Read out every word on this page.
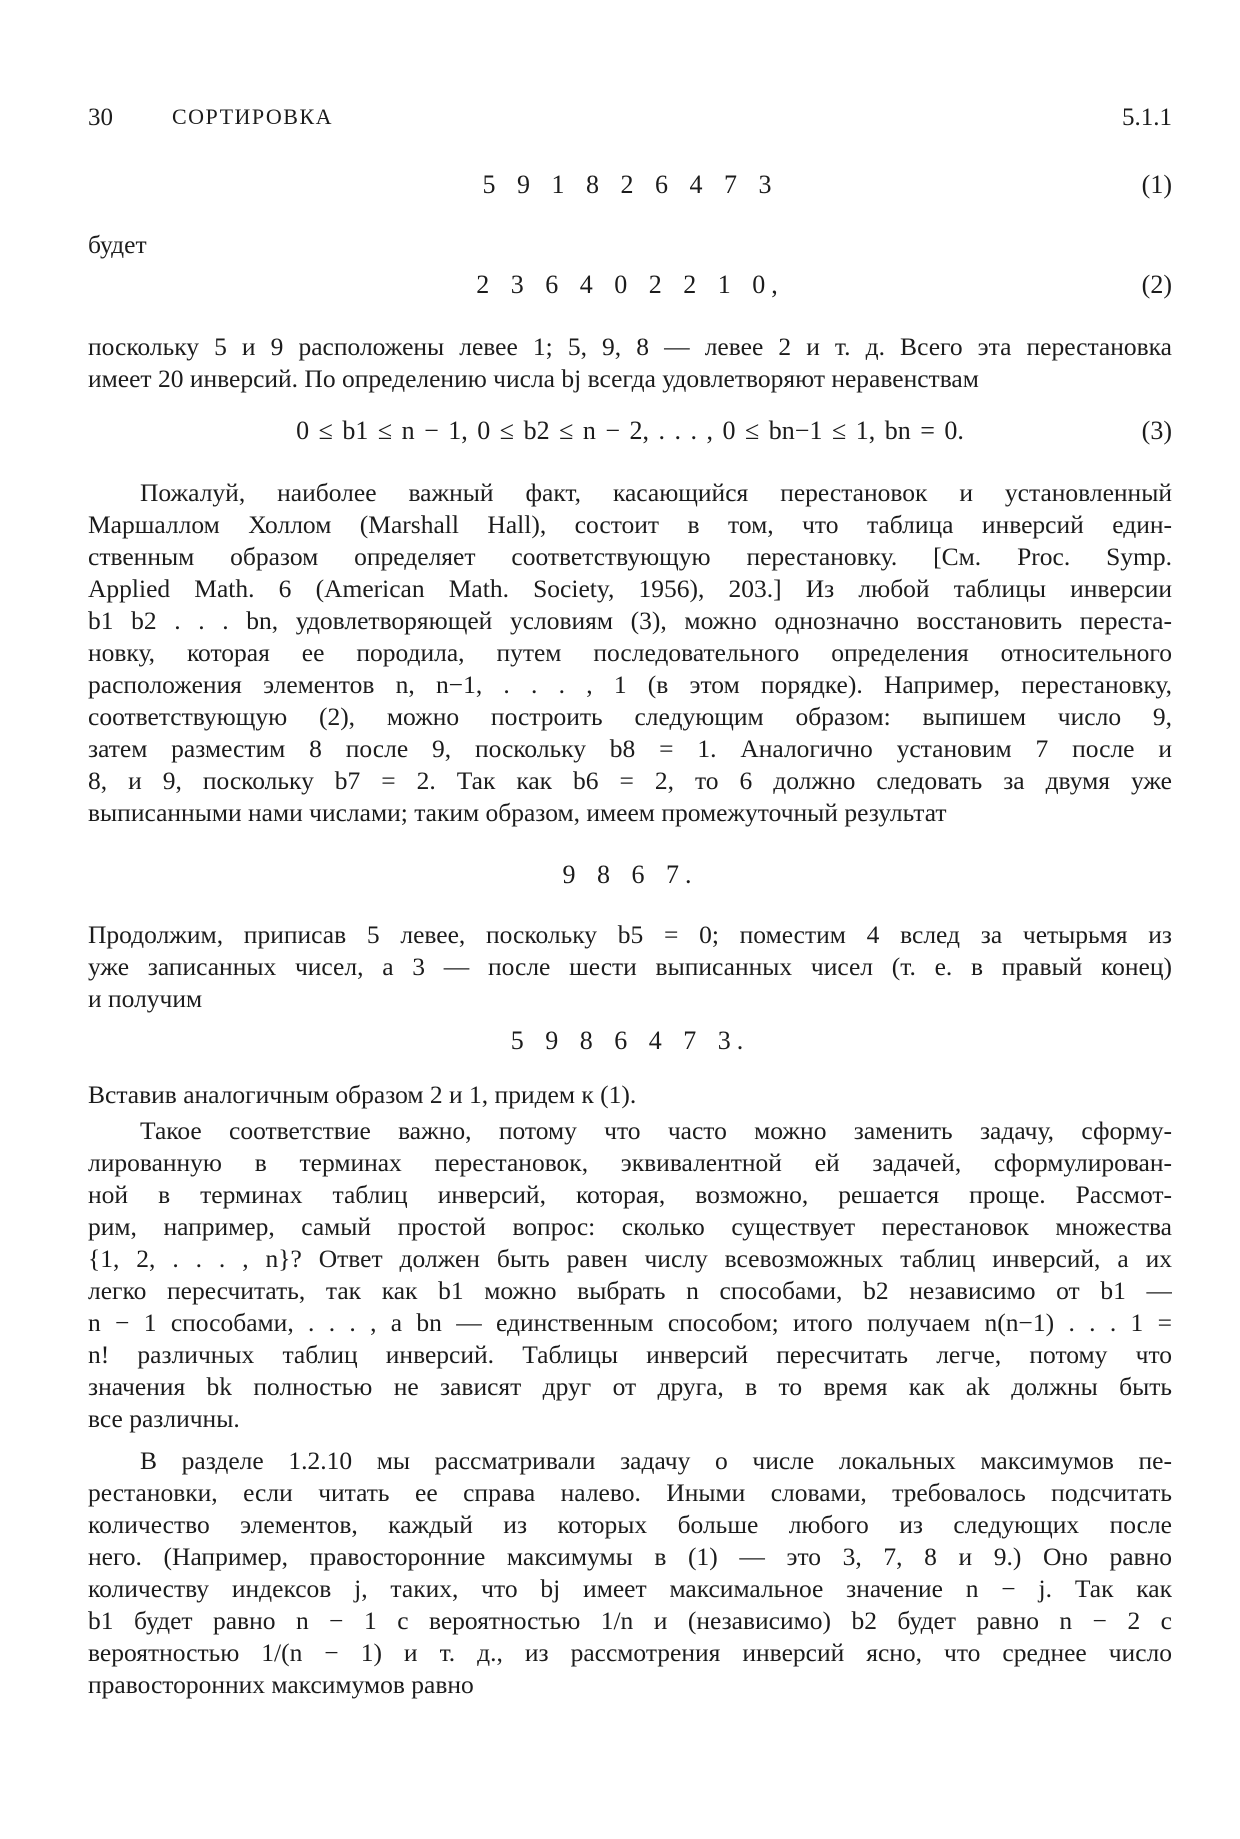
30	СОРТИРОВКА	5.1.1
5 9 1 8 2 6 4 7 3	(1)
будет
2 3 6 4 0 2 2 1 0,	(2)
поскольку 5 и 9 расположены левее 1; 5, 9, 8 — левее 2 и т. д. Всего эта перестановка
имеет 20 инверсий. По определению числа bj всегда удовлетворяют неравенствам
0 ≤ b1 ≤ n − 1, 0 ≤ b2 ≤ n − 2, . . . , 0 ≤ bn−1 ≤ 1, bn = 0.	(3)
Пожалуй, наиболее важный факт, касающийся перестановок и установленный
Маршаллом Холлом (Marshall Hall), состоит в том, что таблица инверсий един-
ственным образом определяет соответствующую перестановку. [См. Proc. Symp.
Applied Math. 6 (American Math. Society, 1956), 203.] Из любой таблицы инверсии
b1 b2 . . . bn, удовлетворяющей условиям (3), можно однозначно восстановить переста-
новку, которая ее породила, путем последовательного определения относительного
расположения элементов n, n−1, . . . , 1 (в этом порядке). Например, перестановку,
соответствующую (2), можно построить следующим образом: выпишем число 9,
затем разместим 8 после 9, поскольку b8 = 1. Аналогично установим 7 после и
8, и 9, поскольку b7 = 2. Так как b6 = 2, то 6 должно следовать за двумя уже
выписанными нами числами; таким образом, имеем промежуточный результат
9 8 6 7.
Продолжим, приписав 5 левее, поскольку b5 = 0; поместим 4 вслед за четырьмя из
уже записанных чисел, а 3 — после шести выписанных чисел (т. е. в правый конец)
и получим
5 9 8 6 4 7 3.
Вставив аналогичным образом 2 и 1, придем к (1).
Такое соответствие важно, потому что часто можно заменить задачу, сформу-
лированную в терминах перестановок, эквивалентной ей задачей, сформулирован-
ной в терминах таблиц инверсий, которая, возможно, решается проще. Рассмот-
рим, например, самый простой вопрос: сколько существует перестановок множества
{1, 2, . . . , n}? Ответ должен быть равен числу всевозможных таблиц инверсий, а их
легко пересчитать, так как b1 можно выбрать n способами, b2 независимо от b1 —
n − 1 способами, . . . , а bn — единственным способом; итого получаем n(n−1) . . . 1 =
n! различных таблиц инверсий. Таблицы инверсий пересчитать легче, потому что
значения bk полностью не зависят друг от друга, в то время как ak должны быть
все различны.
В разделе 1.2.10 мы рассматривали задачу о числе локальных максимумов пе-
рестановки, если читать ее справа налево. Иными словами, требовалось подсчитать
количество элементов, каждый из которых больше любого из следующих после
него. (Например, правосторонние максимумы в (1) — это 3, 7, 8 и 9.) Оно равно
количеству индексов j, таких, что bj имеет максимальное значение n − j. Так как
b1 будет равно n − 1 с вероятностью 1/n и (независимо) b2 будет равно n − 2 с
вероятностью 1/(n − 1) и т. д., из рассмотрения инверсий ясно, что среднее число
правосторонних максимумов равно
